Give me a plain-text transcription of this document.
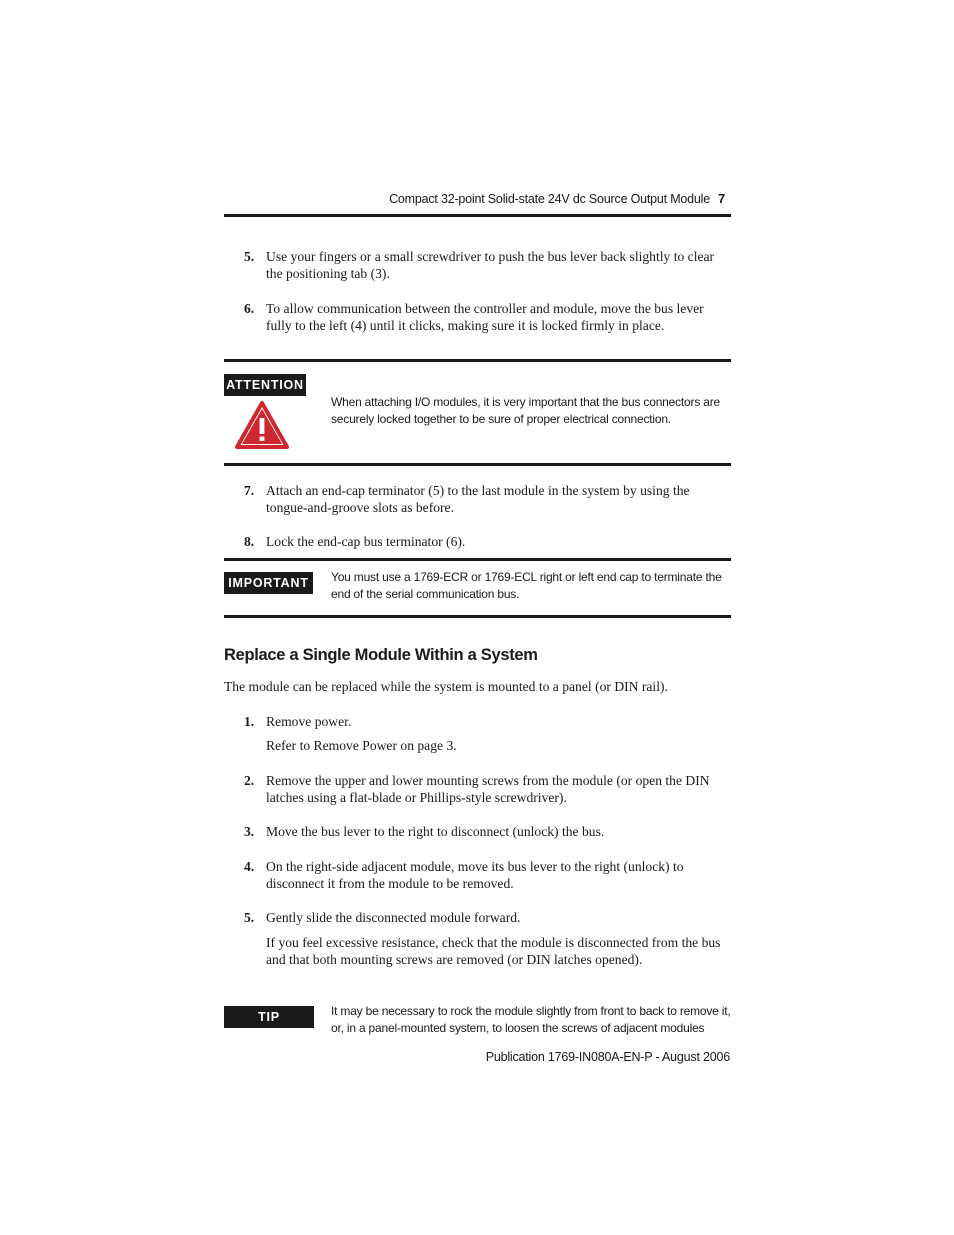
Compact 32-point Solid-state 24V dc Source Output Module 7
5. Use your fingers or a small screwdriver to push the bus lever back slightly to clear the positioning tab (3).
6. To allow communication between the controller and module, move the bus lever fully to the left (4) until it clicks, making sure it is locked firmly in place.
ATTENTION
When attaching I/O modules, it is very important that the bus connectors are securely locked together to be sure of proper electrical connection.
7. Attach an end-cap terminator (5) to the last module in the system by using the tongue-and-groove slots as before.
8. Lock the end-cap bus terminator (6).
IMPORTANT	You must use a 1769-ECR or 1769-ECL right or left end cap to terminate the end of the serial communication bus.
Replace a Single Module Within a System
The module can be replaced while the system is mounted to a panel (or DIN rail).
1. Remove power.
Refer to Remove Power on page 3.
2. Remove the upper and lower mounting screws from the module (or open the DIN latches using a flat-blade or Phillips-style screwdriver).
3. Move the bus lever to the right to disconnect (unlock) the bus.
4. On the right-side adjacent module, move its bus lever to the right (unlock) to disconnect it from the module to be removed.
5. Gently slide the disconnected module forward.
If you feel excessive resistance, check that the module is disconnected from the bus and that both mounting screws are removed (or DIN latches opened).
TIP	It may be necessary to rock the module slightly from front to back to remove it, or, in a panel-mounted system, to loosen the screws of adjacent modules
Publication 1769-IN080A-EN-P - August 2006
